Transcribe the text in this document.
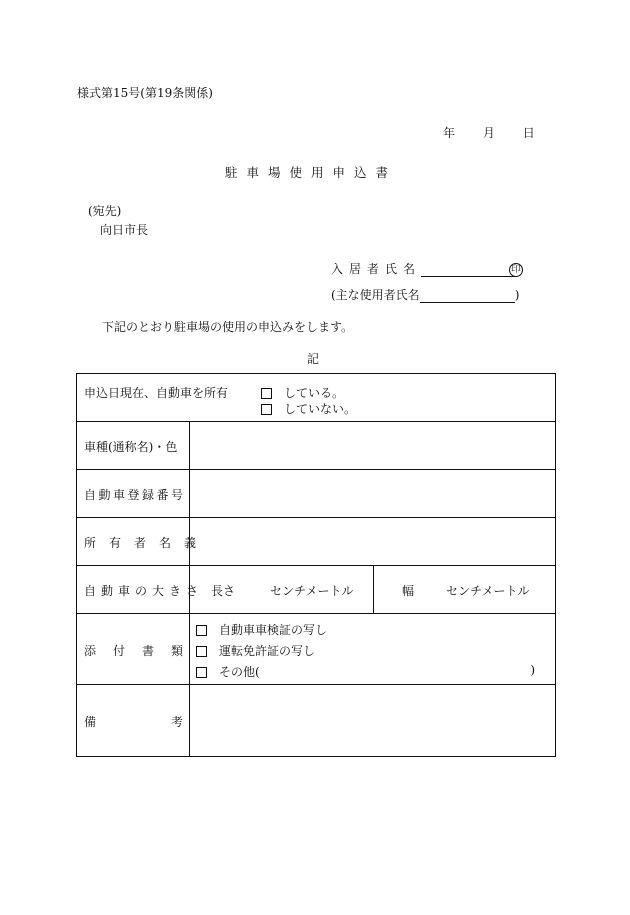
様式第15号(第19条関係)
年 月 日
駐車場使用申込書
(宛先)
向日市長
入居者氏名	印
(主な使用者氏名	)
下記のとおり駐車場の使用の申込みをします。
記
申込日現在、自動車を所有	している。
していない。
車種(通称名)・色
自動車登録番号
所有者名義
自動車の大きさ 長さ	センチメートル	幅	センチメートル
添 付 書 類
自動車車検証の写し
運転免許証の写し
その他(	)
備	考
